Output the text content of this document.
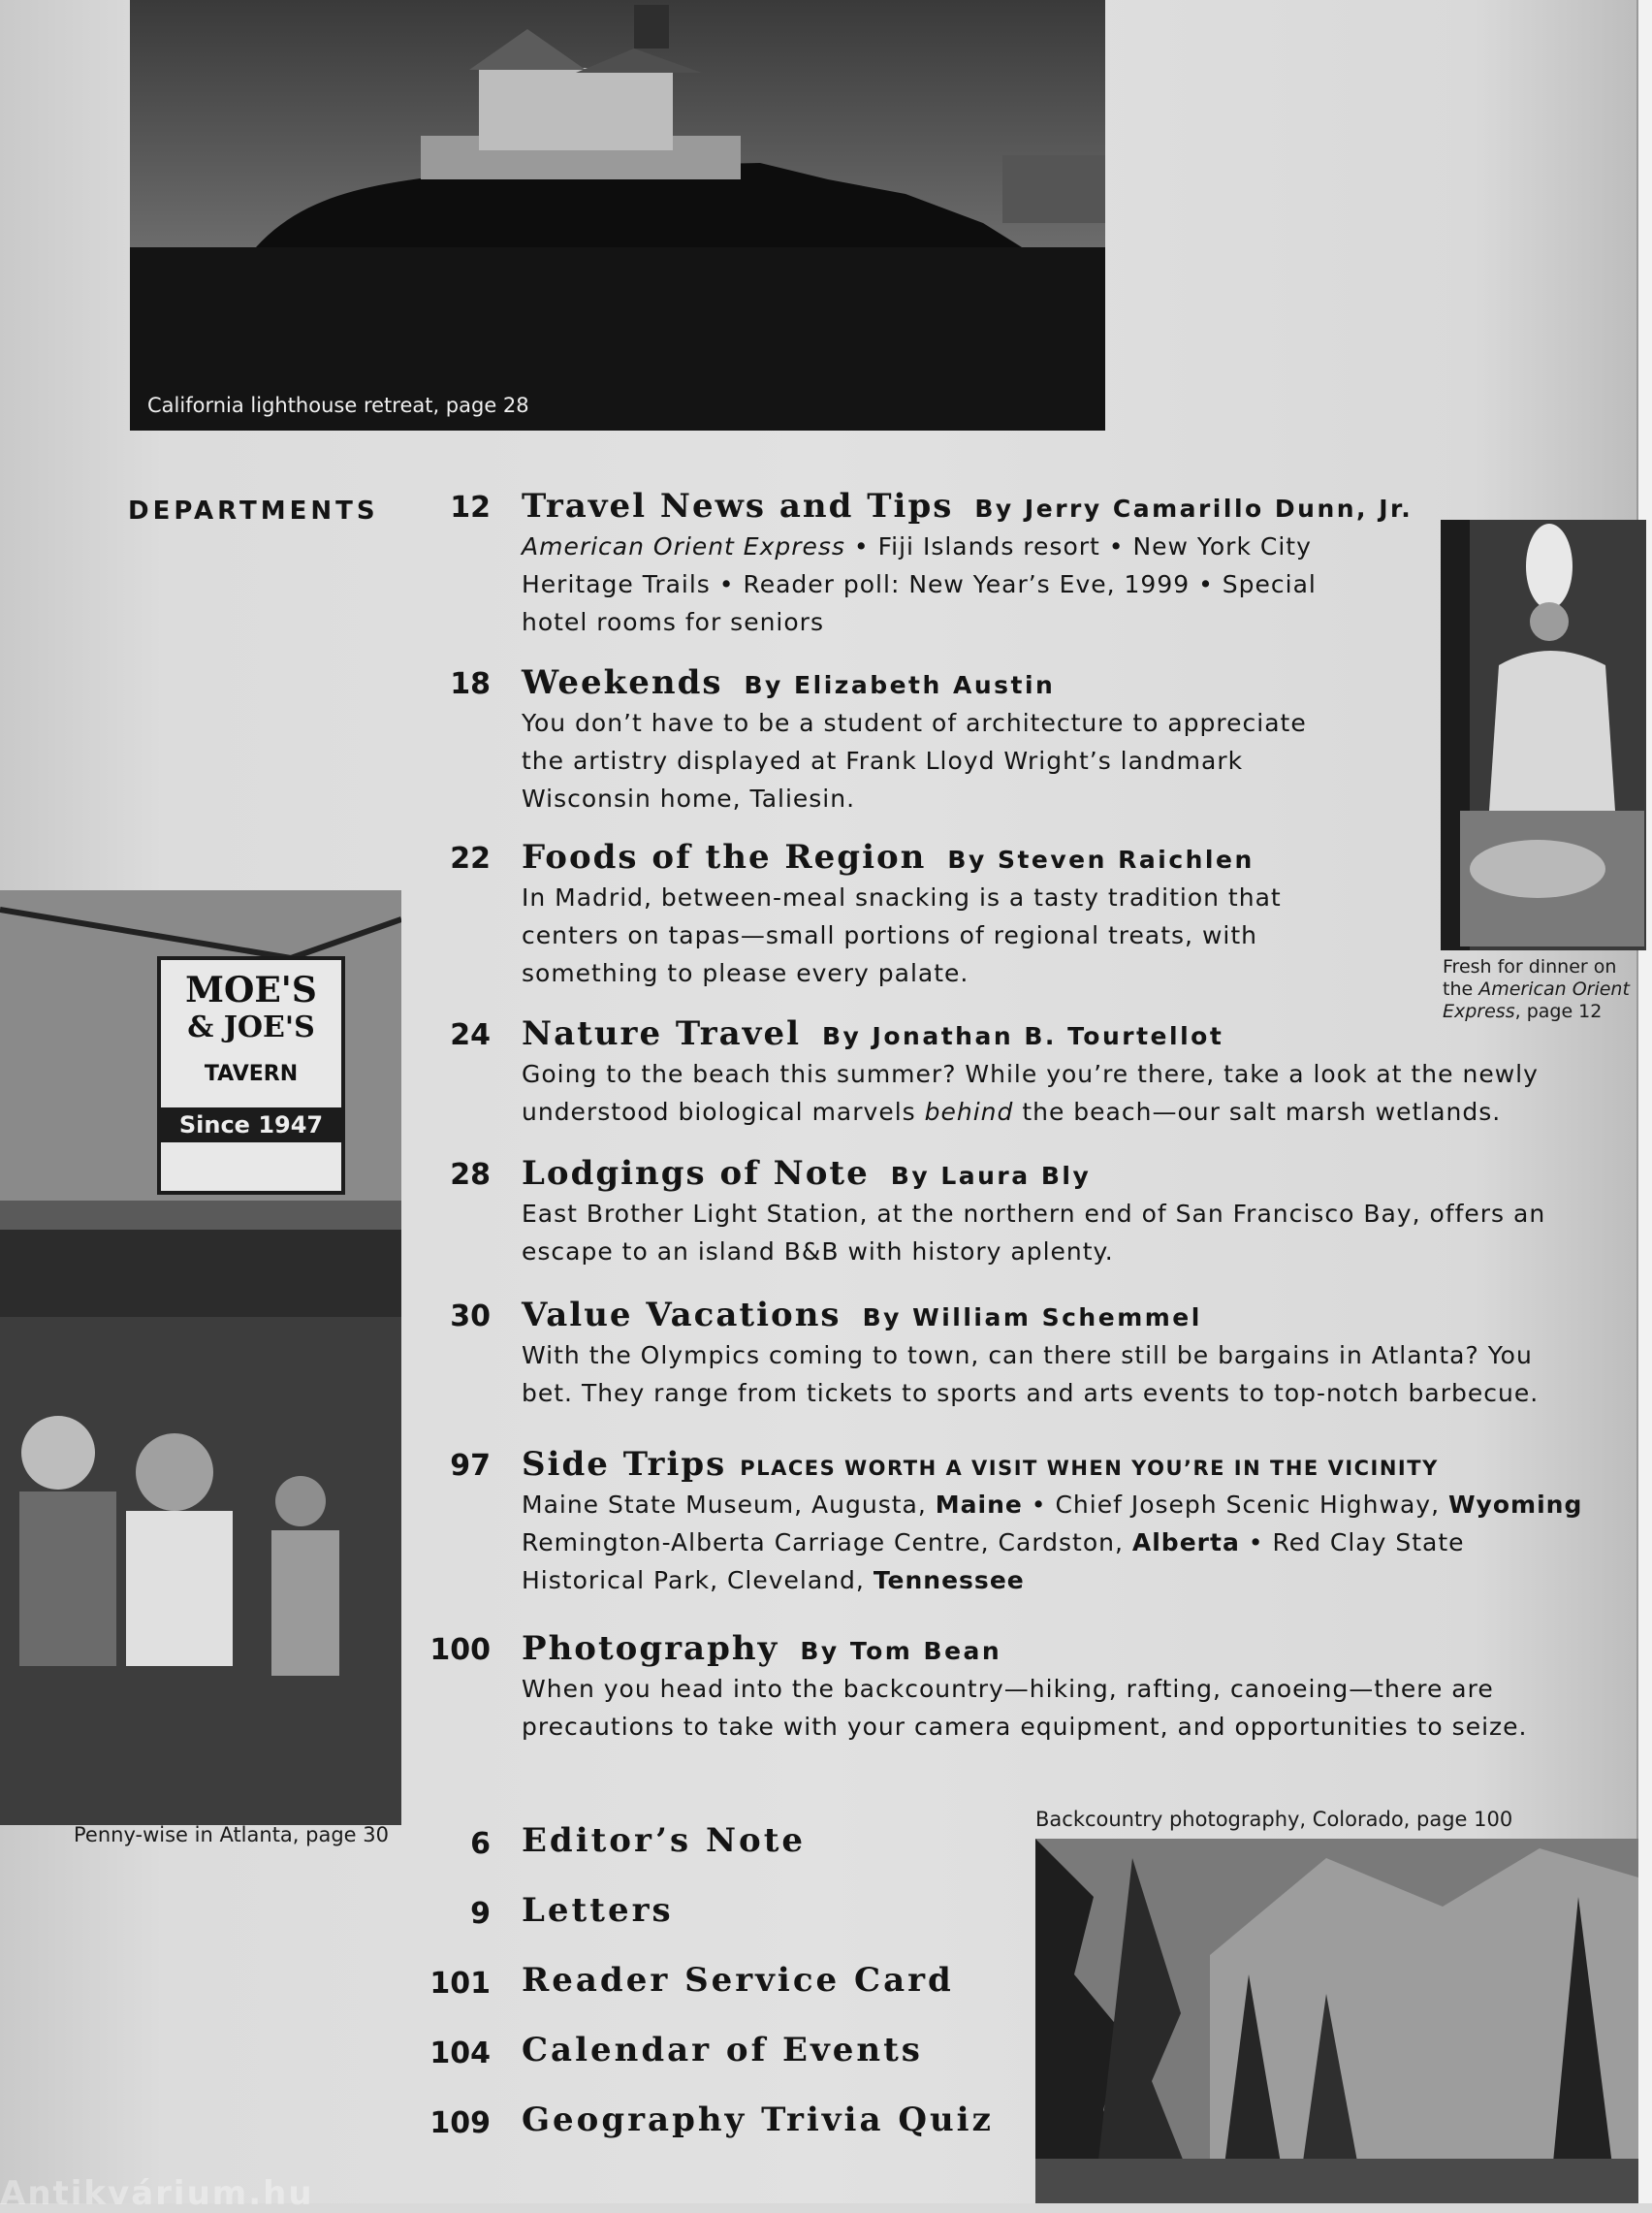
California lighthouse retreat, page 28
Fresh for dinner on
the American Orient
Express, page 12
MOE'S
& JOE'S
TAVERN
Since 1947
Penny-wise in Atlanta, page 30
Backcountry photography, Colorado, page 100
DEPARTMENTS	12 Travel News and Tips By Jerry Camarillo Dunn, Jr.
American Orient Express • Fiji Islands resort • New York City
Heritage Trails • Reader poll: New Year’s Eve, 1999 • Special
hotel rooms for seniors
18 Weekends By Elizabeth Austin
You don’t have to be a student of architecture to appreciate
the artistry displayed at Frank Lloyd Wright’s landmark
Wisconsin home, Taliesin.
22 Foods of the Region By Steven Raichlen
In Madrid, between-meal snacking is a tasty tradition that
centers on tapas—small portions of regional treats, with
something to please every palate.
24 Nature Travel By Jonathan B. Tourtellot
Going to the beach this summer? While you’re there, take a look at the newly
understood biological marvels behind the beach—our salt marsh wetlands.
28 Lodgings of Note By Laura Bly
East Brother Light Station, at the northern end of San Francisco Bay, offers an
escape to an island B&B with history aplenty.
30 Value Vacations By William Schemmel
With the Olympics coming to town, can there still be bargains in Atlanta? You
bet. They range from tickets to sports and arts events to top-notch barbecue.
97 Side Trips PLACES WORTH A VISIT WHEN YOU’RE IN THE VICINITY
Maine State Museum, Augusta, Maine • Chief Joseph Scenic Highway, Wyoming
Remington-Alberta Carriage Centre, Cardston, Alberta • Red Clay State
Historical Park, Cleveland, Tennessee
100 Photography By Tom Bean
When you head into the backcountry—hiking, rafting, canoeing—there are
precautions to take with your camera equipment, and opportunities to seize.
6 Editor’s Note
9 Letters
101 Reader Service Card
104 Calendar of Events
109 Geography Trivia Quiz
Antikvárium.hu
